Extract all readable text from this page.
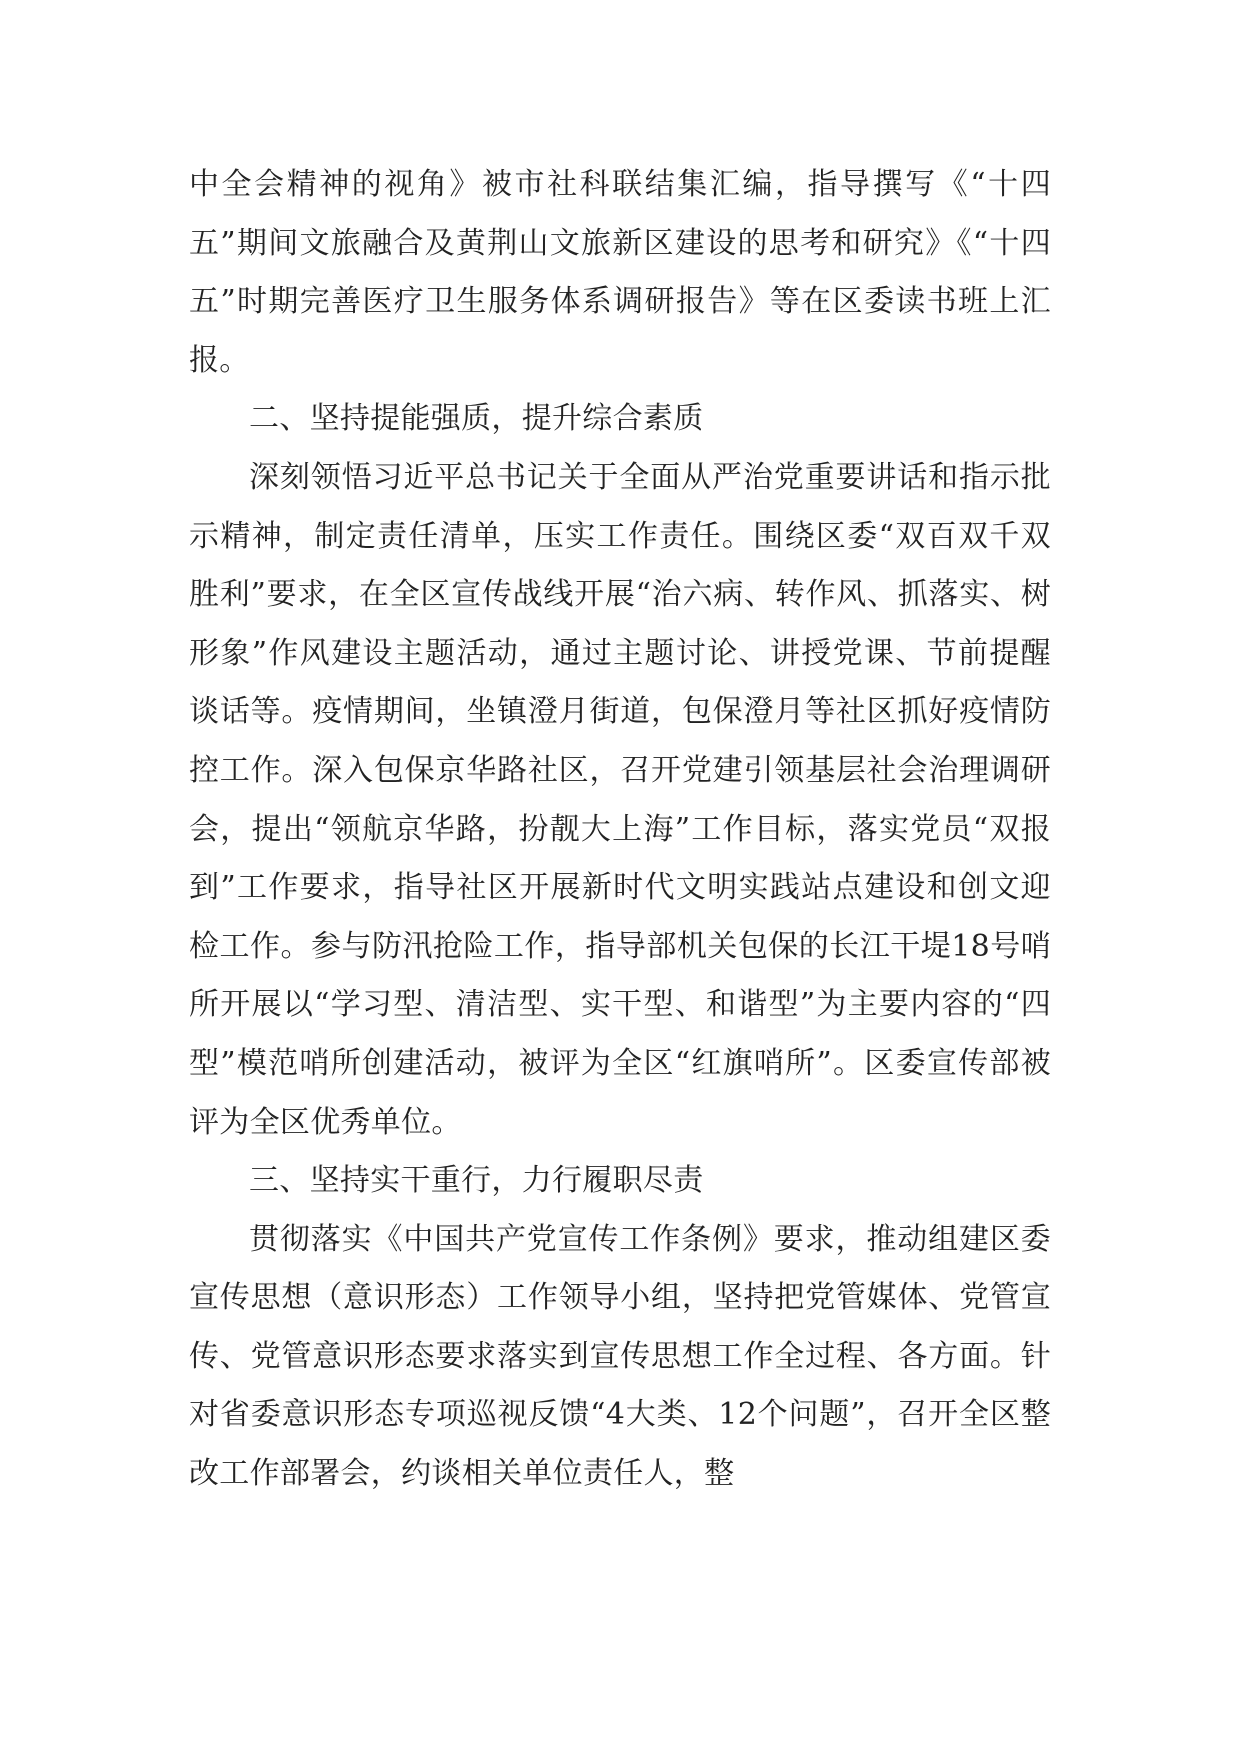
中全会精神的视角》被市社科联结集汇编，指导撰写《“十四五”期间文旅融合及黄荆山文旅新区建设的思考和研究》《“十四五”时期完善医疗卫生服务体系调研报告》等在区委读书班上汇报。

二、坚持提能强质，提升综合素质

深刻领悟习近平总书记关于全面从严治党重要讲话和指示批示精神，制定责任清单，压实工作责任。围绕区委“双百双千双胜利”要求，在全区宣传战线开展“治六病、转作风、抓落实、树形象”作风建设主题活动，通过主题讨论、讲授党课、节前提醒谈话等。疫情期间，坐镇澄月街道，包保澄月等社区抓好疫情防控工作。深入包保京华路社区，召开党建引领基层社会治理调研会，提出“领航京华路，扮靓大上海”工作目标，落实党员“双报到”工作要求，指导社区开展新时代文明实践站点建设和创文迎检工作。参与防汛抢险工作，指导部机关包保的长江干堤18号哨所开展以“学习型、清洁型、实干型、和谐型”为主要内容的“四型”模范哨所创建活动，被评为全区“红旗哨所”。区委宣传部被评为全区优秀单位。

三、坚持实干重行，力行履职尽责

贯彻落实《中国共产党宣传工作条例》要求，推动组建区委宣传思想（意识形态）工作领导小组，坚持把党管媒体、党管宣传、党管意识形态要求落实到宣传思想工作全过程、各方面。针对省委意识形态专项巡视反馈“4大类、12个问题”，召开全区整改工作部署会，约谈相关单位责任人，整
